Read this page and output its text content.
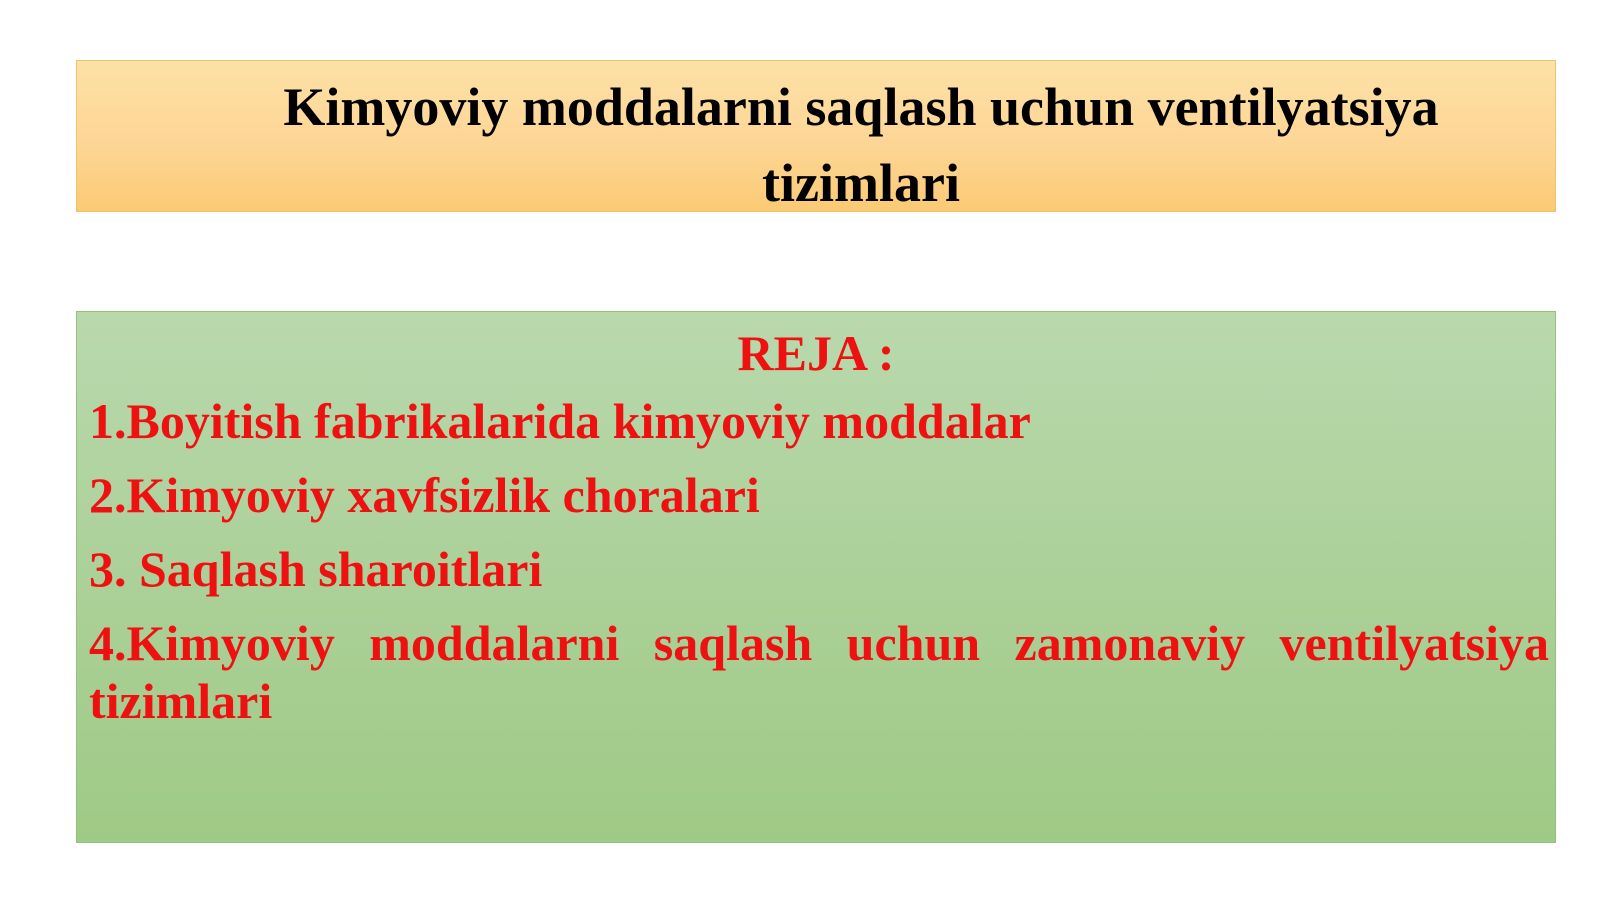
Kimyoviy moddalarni saqlash uchun ventilyatsiya tizimlari
REJA :
1.Boyitish fabrikalarida kimyoviy moddalar
2.Kimyoviy xavfsizlik choralari
3. Saqlash sharoitlari
4.Kimyoviy moddalarni saqlash uchun zamonaviy ventilyatsiya tizimlari
